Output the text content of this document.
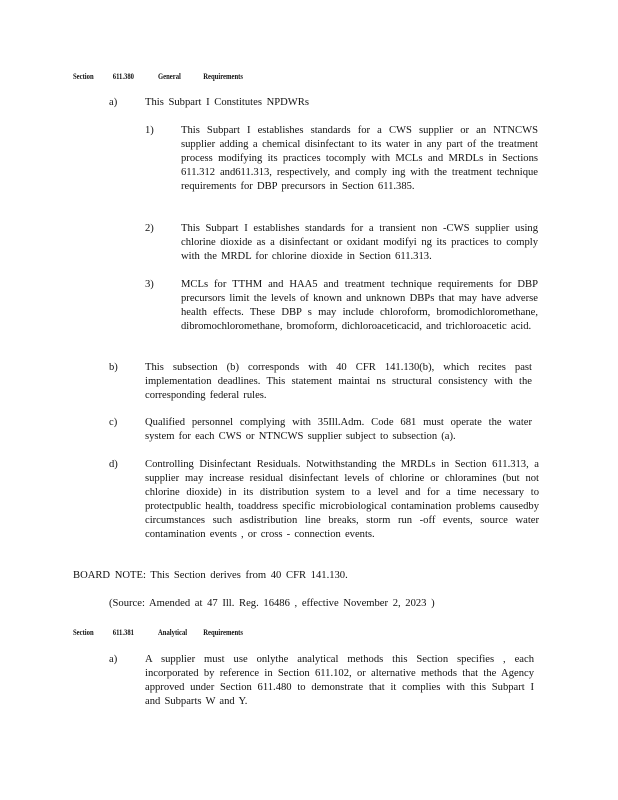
Section 611.380	General	Requirements
a)	This Subpart I Constitutes NPDWRs
1)	This Subpart I establishes standards for a CWS supplier or an NTNCWS supplier adding a chemical disinfectant to its water in any part of the treatment process modifying its practices tocomply with MCLs and MRDLs in Sections 611.312 and611.313, respectively, and comply ing with the treatment technique requirements for DBP precursors in Section 611.385.
2)	This Subpart I establishes standards for a transient non -CWS supplier using chlorine dioxide as a disinfectant or oxidant modifyi ng its practices to comply with the MRDL for chlorine dioxide in Section 611.313.
3)	MCLs for TTHM and HAA5 and treatment technique requirements for DBP precursors limit the levels of known and unknown DBPs that may have adverse health effects. These DBP s may include chloroform, bromodichloromethane, dibromochloromethane, bromoform, dichloroaceticacid, and trichloroacetic acid.
b)	This subsection (b) corresponds with 40 CFR 141.130(b), which recites past implementation deadlines. This statement maintai ns structural consistency with the corresponding federal rules.
c)	Qualified personnel complying with 35Ill.Adm. Code 681 must operate the water system for each CWS or NTNCWS supplier subject to subsection (a).
d)	Controlling Disinfectant Residuals. Notwithstanding the MRDLs in Section 611.313, a supplier may increase residual disinfectant levels of chlorine or chloramines (but not chlorine dioxide) in its distribution system to a level and for a time necessary to protectpublic health, toaddress specific microbiological contamination problems causedby circumstances such asdistribution line breaks, storm run -off events, source water contamination events , or cross - connection events.
BOARD NOTE: This Section derives from 40 CFR 141.130.
(Source: Amended at 47 Ill. Reg. 16486 , effective November 2, 2023 )
Section 611.381	Analytical Requirements
a)	A supplier must use onlythe analytical methods this Section specifies , each incorporated by reference in Section 611.102, or alternative methods that the Agency approved under Section 611.480 to demonstrate that it complies with this Subpart I and Subparts W and Y.
